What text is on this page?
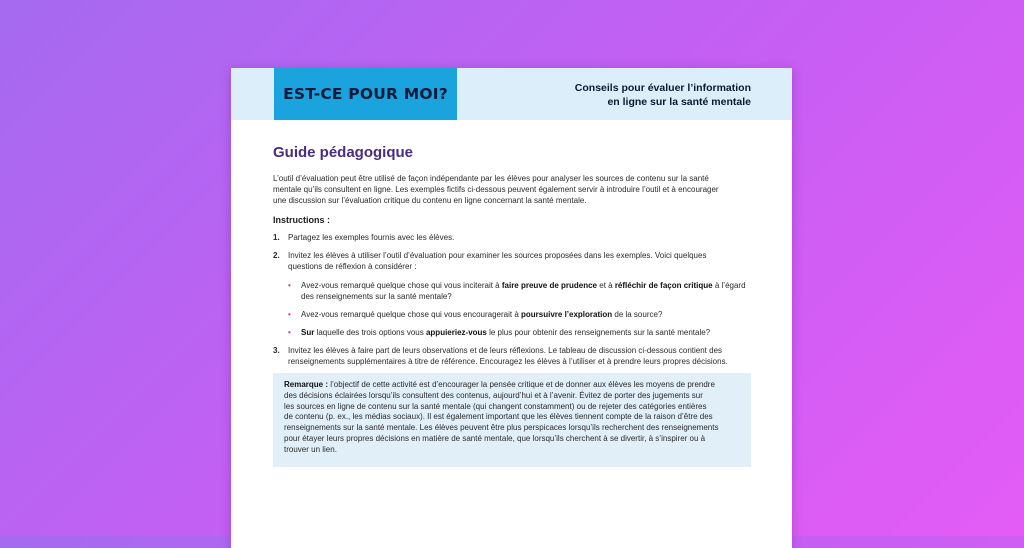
EST-CE POUR MOI?	Conseils pour évaluer l’information
en ligne sur la santé mentale
Guide pédagogique

L’outil d’évaluation peut être utilisé de façon indépendante par les élèves pour analyser les sources de contenu sur la santé
mentale qu’ils consultent en ligne. Les exemples fictifs ci-dessous peuvent également servir à introduire l’outil et à encourager
une discussion sur l’évaluation critique du contenu en ligne concernant la santé mentale.

Instructions :
1. Partagez les exemples fournis avec les élèves.
2. Invitez les élèves à utiliser l’outil d’évaluation pour examiner les sources proposées dans les exemples. Voici quelques
questions de réflexion à considérer :
• Avez-vous remarqué quelque chose qui vous inciterait à faire preuve de prudence et à réfléchir de façon critique à l’égard
des renseignements sur la santé mentale?
• Avez-vous remarqué quelque chose qui vous encouragerait à poursuivre l’exploration de la source?
• Sur laquelle des trois options vous appuieriez-vous le plus pour obtenir des renseignements sur la santé mentale?
3. Invitez les élèves à faire part de leurs observations et de leurs réflexions. Le tableau de discussion ci-dessous contient des
renseignements supplémentaires à titre de référence. Encouragez les élèves à l’utiliser et à prendre leurs propres décisions.
Remarque : l’objectif de cette activité est d’encourager la pensée critique et de donner aux élèves les moyens de prendre
des décisions éclairées lorsqu’ils consultent des contenus, aujourd’hui et à l’avenir. Évitez de porter des jugements sur
les sources en ligne de contenu sur la santé mentale (qui changent constamment) ou de rejeter des catégories entières
de contenu (p. ex., les médias sociaux). Il est également important que les élèves tiennent compte de la raison d’être des
renseignements sur la santé mentale. Les élèves peuvent être plus perspicaces lorsqu’ils recherchent des renseignements
pour étayer leurs propres décisions en matière de santé mentale, que lorsqu’ils cherchent à se divertir, à s’inspirer ou à
trouver un lien.
